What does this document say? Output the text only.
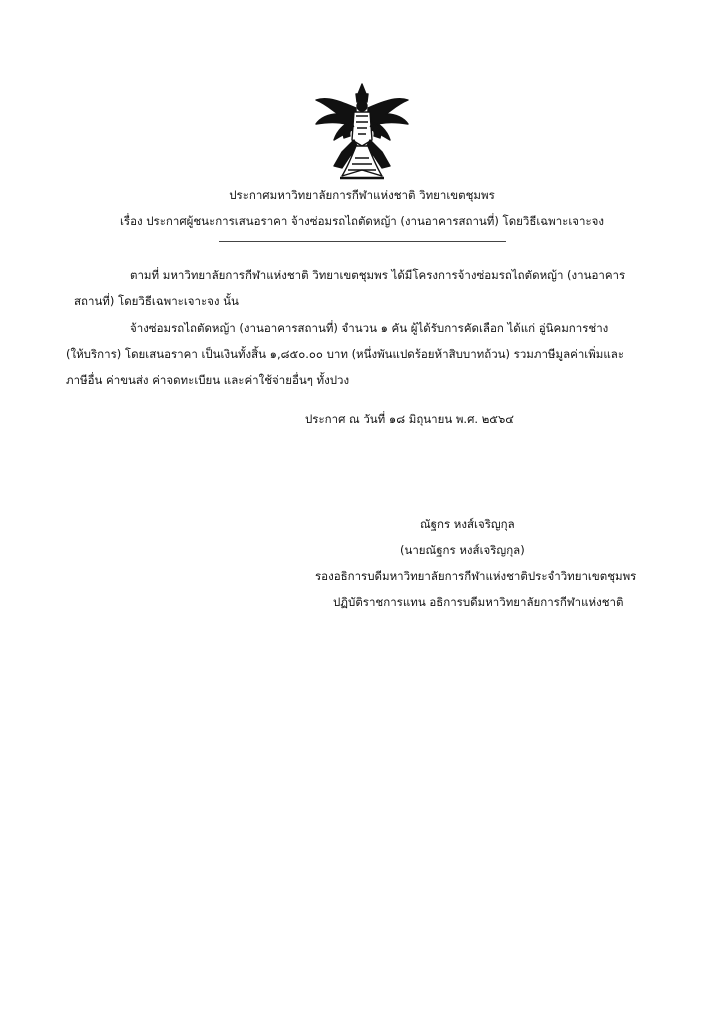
ประกาศมหาวิทยาลัยการกีฬาแห่งชาติ วิทยาเขตชุมพร
เรื่อง ประกาศผู้ชนะการเสนอราคา จ้างซ่อมรถไถตัดหญ้า (งานอาคารสถานที่) โดยวิธีเฉพาะเจาะจง
ตามที่ มหาวิทยาลัยการกีฬาแห่งชาติ วิทยาเขตชุมพร ได้มีโครงการจ้างซ่อมรถไถตัดหญ้า (งานอาคาร
สถานที่) โดยวิธีเฉพาะเจาะจง นั้น
จ้างซ่อมรถไถตัดหญ้า (งานอาคารสถานที่) จำนวน ๑ คัน ผู้ได้รับการคัดเลือก ได้แก่ อู่นิคมการช่าง
(ให้บริการ) โดยเสนอราคา เป็นเงินทั้งสิ้น ๑,๘๕๐.๐๐ บาท (หนึ่งพันแปดร้อยห้าสิบบาทถ้วน) รวมภาษีมูลค่าเพิ่มและ
ภาษีอื่น ค่าขนส่ง ค่าจดทะเบียน และค่าใช้จ่ายอื่นๆ ทั้งปวง
ประกาศ ณ วันที่ ๑๘ มิถุนายน พ.ศ. ๒๕๖๔
ณัฐกร หงส์เจริญกุล
(นายณัฐกร หงส์เจริญกุล)
รองอธิการบดีมหาวิทยาลัยการกีฬาแห่งชาติประจำวิทยาเขตชุมพร
ปฏิบัติราชการแทน อธิการบดีมหาวิทยาลัยการกีฬาแห่งชาติ
